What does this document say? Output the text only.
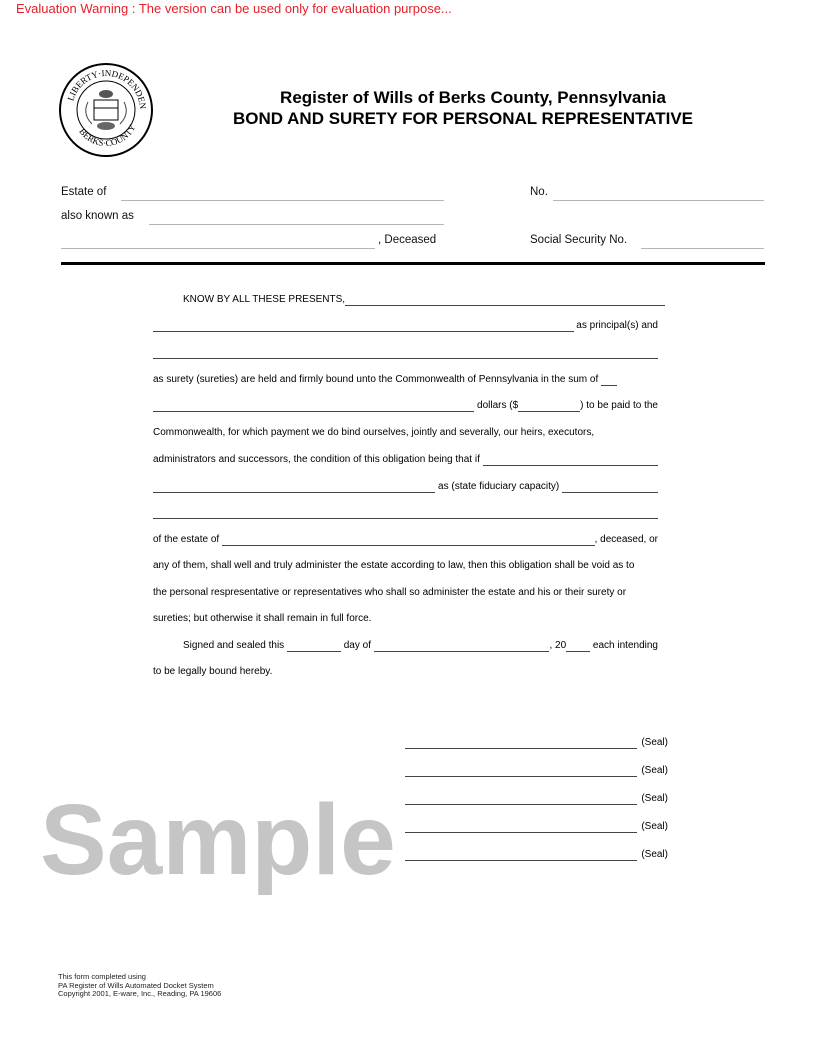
Evaluation Warning : The version can be used only for evaluation purpose...
LIBERTY·INDEPENDEN
BERKS·COUNTY
Register of Wills of Berks County, Pennsylvania
BOND AND SURETY FOR PERSONAL REPRESENTATIVE
Estate of	No.
also known as
, Deceased	Social Security No.
Sample
KNOW BY ALL THESE PRESENTS,
as principal(s) and
as surety (sureties) are held and firmly bound unto the Commonwealth of Pennsylvania in the sum of
dollars ($	) to be paid to the
Commonwealth, for which payment we do bind ourselves, jointly and severally, our heirs, executors,
administrators and successors, the condition of this obligation being that if
as (state fiduciary capacity)
of the estate of	, deceased, or
any of them, shall well and truly administer the estate according to law, then this obligation shall be void as to
the personal respresentative or representatives who shall so administer the estate and his or their surety or
sureties; but otherwise it shall remain in full force.
Signed and sealed this	day of	, 20 each intending
to be legally bound hereby.
(Seal)
(Seal)
(Seal)
(Seal)
(Seal)
This form completed using
PA Register of Wills Automated Docket System
Copyright 2001, E-ware, Inc., Reading, PA 19606
